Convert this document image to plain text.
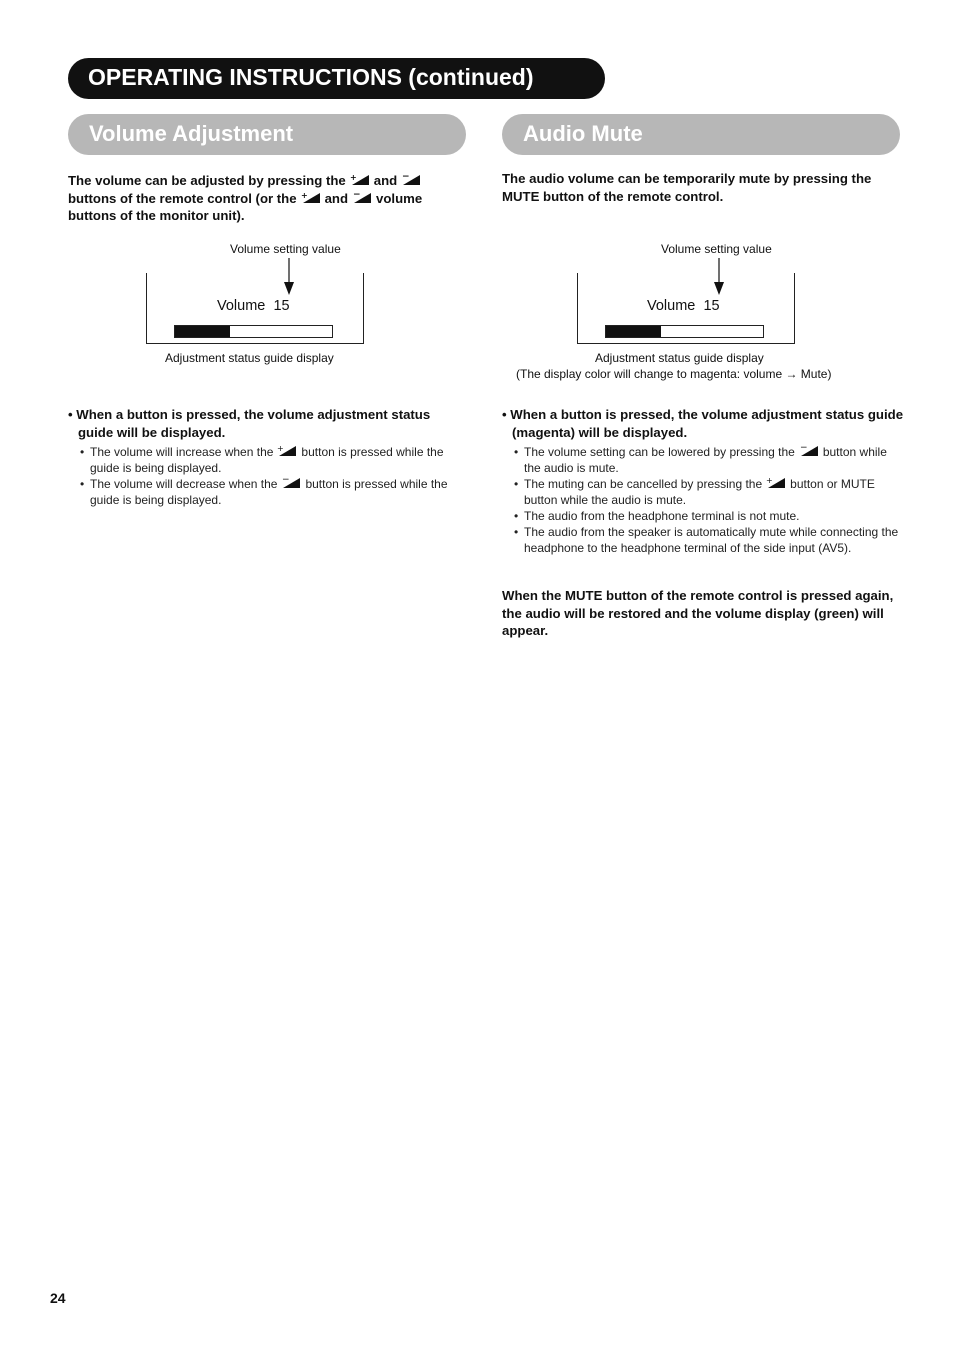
OPERATING INSTRUCTIONS (continued)
Volume Adjustment	Audio Mute

The volume can be adjusted by pressing the + and −
buttons of the remote control (or the + and − volume buttons of the monitor unit).

Volume setting value
Volume 15
Adjustment status guide display

• When a button is pressed, the volume adjustment status guide will be displayed.

• The volume will increase when the + button is pressed while the guide is being displayed.
• The volume will decrease when the − button is pressed while the guide is being displayed.

The audio volume can be temporarily mute by pressing the MUTE button of the remote control.

Volume setting value
Volume 15
Adjustment status guide display
(The display color will change to magenta: volume → Mute)

• When a button is pressed, the volume adjustment status guide (magenta) will be displayed.

• The volume setting can be lowered by pressing the − button while the audio is mute.
• The muting can be cancelled by pressing the + button or MUTE button while the audio is mute.
• The audio from the headphone terminal is not mute.
• The audio from the speaker is automatically mute while connecting the headphone to the headphone terminal of the side input (AV5).

When the MUTE button of the remote control is pressed again, the audio will be restored and the volume display (green) will appear.

24
